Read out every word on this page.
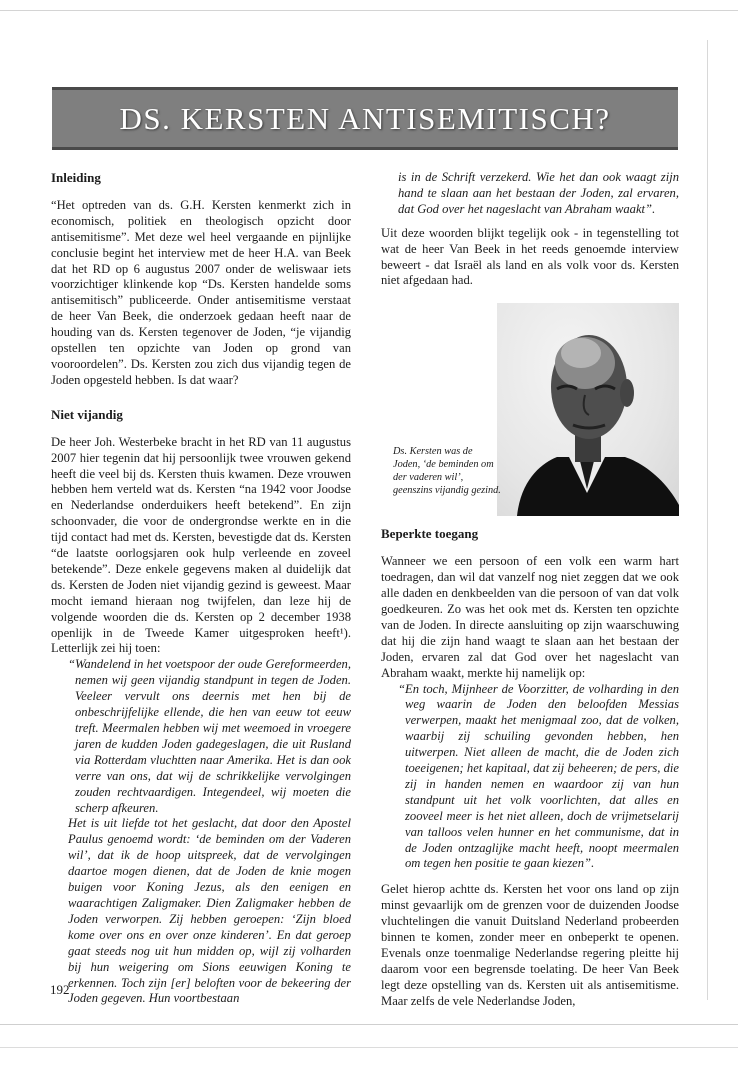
DS. KERSTEN ANTISEMITISCH?
Inleiding

“Het optreden van ds. G.H. Kersten kenmerkt zich in economisch, politiek en theologisch opzicht door antisemitisme”. Met deze wel heel vergaande en pijnlijke conclusie begint het interview met de heer H.A. van Beek dat het RD op 6 augustus 2007 onder de weliswaar iets voorzichtiger klinkende kop “Ds. Kersten handelde soms antisemitisch” publiceerde. Onder antisemitisme verstaat de heer Van Beek, die onderzoek gedaan heeft naar de houding van ds. Kersten tegenover de Joden, “je vijandig opstellen ten opzichte van Joden op grond van vooroordelen”. Ds. Kersten zou zich dus vijandig tegen de Joden opgesteld hebben. Is dat waar?

Niet vijandig

De heer Joh. Westerbeke bracht in het RD van 11 augustus 2007 hier tegenin dat hij persoonlijk twee vrouwen gekend heeft die veel bij ds. Kersten thuis kwamen. Deze vrouwen hebben hem verteld wat ds. Kersten “na 1942 voor Joodse en Nederlandse onderduikers heeft betekend”. En zijn schoonvader, die voor de ondergrondse werkte en in die tijd contact had met ds. Kersten, bevestigde dat ds. Kersten “de laatste oorlogsjaren ook hulp verleende en zoveel betekende”. Deze enkele gegevens maken al duidelijk dat ds. Kersten de Joden niet vijandig gezind is geweest. Maar mocht iemand hieraan nog twijfelen, dan leze hij de volgende woorden die ds. Kersten op 2 december 1938 openlijk in de Tweede Kamer uitgesproken heeft¹). Letterlijk zei hij toen:

“Wandelend in het voetspoor der oude Gereformeerden, nemen wij geen vijandig standpunt in tegen de Joden. Veeleer vervult ons deernis met hen bij de onbeschrijfelijke ellende, die hen van eeuw tot eeuw treft. Meermalen hebben wij met weemoed in vroegere jaren de kudden Joden gadegeslagen, die uit Rusland via Rotterdam vluchtten naar Amerika. Het is dan ook verre van ons, dat wij de schrikkelijke vervolgingen zouden rechtvaardigen. Integendeel, wij moeten die scherp afkeuren.

Het is uit liefde tot het geslacht, dat door den Apostel Paulus genoemd wordt: ‘de beminden om der Vaderen wil’, dat ik de hoop uitspreek, dat de vervolgingen daartoe mogen dienen, dat de Joden de knie mogen buigen voor Koning Jezus, als den eenigen en waarachtigen Zaligmaker. Dien Zaligmaker hebben de Joden verworpen. Zij hebben geroepen: ‘Zijn bloed kome over ons en over onze kinderen’. En dat geroep gaat steeds nog uit hun midden op, wijl zij volharden bij hun weigering om Sions eeuwigen Koning te erkennen. Toch zijn [er] beloften voor de bekeering der Joden gegeven. Hun voortbestaan

is in de Schrift verzekerd. Wie het dan ook waagt zijn hand te slaan aan het bestaan der Joden, zal ervaren, dat God over het nageslacht van Abraham waakt”.

Uit deze woorden blijkt tegelijk ook - in tegenstelling tot wat de heer Van Beek in het reeds genoemde interview beweert - dat Israël als land en als volk voor ds. Kersten niet afgedaan had.

Ds. Kersten was de Joden, ‘de beminden om der vaderen wil’, geenszins vijandig gezind.

Beperkte toegang

Wanneer we een persoon of een volk een warm hart toedragen, dan wil dat vanzelf nog niet zeggen dat we ook alle daden en denkbeelden van die persoon of van dat volk goedkeuren. Zo was het ook met ds. Kersten ten opzichte van de Joden. In directe aansluiting op zijn waarschuwing dat hij die zijn hand waagt te slaan aan het bestaan der Joden, ervaren zal dat God over het nageslacht van Abraham waakt, merkte hij namelijk op:

“En toch, Mijnheer de Voorzitter, de volharding in den weg waarin de Joden den beloofden Messias verwerpen, maakt het menigmaal zoo, dat de volken, waarbij zij schuiling gevonden hebben, hen uitwerpen. Niet alleen de macht, die de Joden zich toeeigenen; het kapitaal, dat zij beheeren; de pers, die zij in handen nemen en waardoor zij van hun standpunt uit het volk voorlichten, dat alles en zooveel meer is het niet alleen, doch de vrijmetselarij van talloos velen hunner en het communisme, dat in de Joden ontzaglijke macht heeft, noopt meermalen om tegen hen positie te gaan kiezen”.

Gelet hierop achtte ds. Kersten het voor ons land op zijn minst gevaarlijk om de grenzen voor de duizenden Joodse vluchtelingen die vanuit Duitsland Nederland probeerden binnen te komen, zonder meer en onbeperkt te openen. Evenals onze toenmalige Nederlandse regering pleitte hij daarom voor een begrensde toelating. De heer Van Beek legt deze opstelling van ds. Kersten uit als antisemitisme. Maar zelfs de vele Nederlandse Joden,

192
